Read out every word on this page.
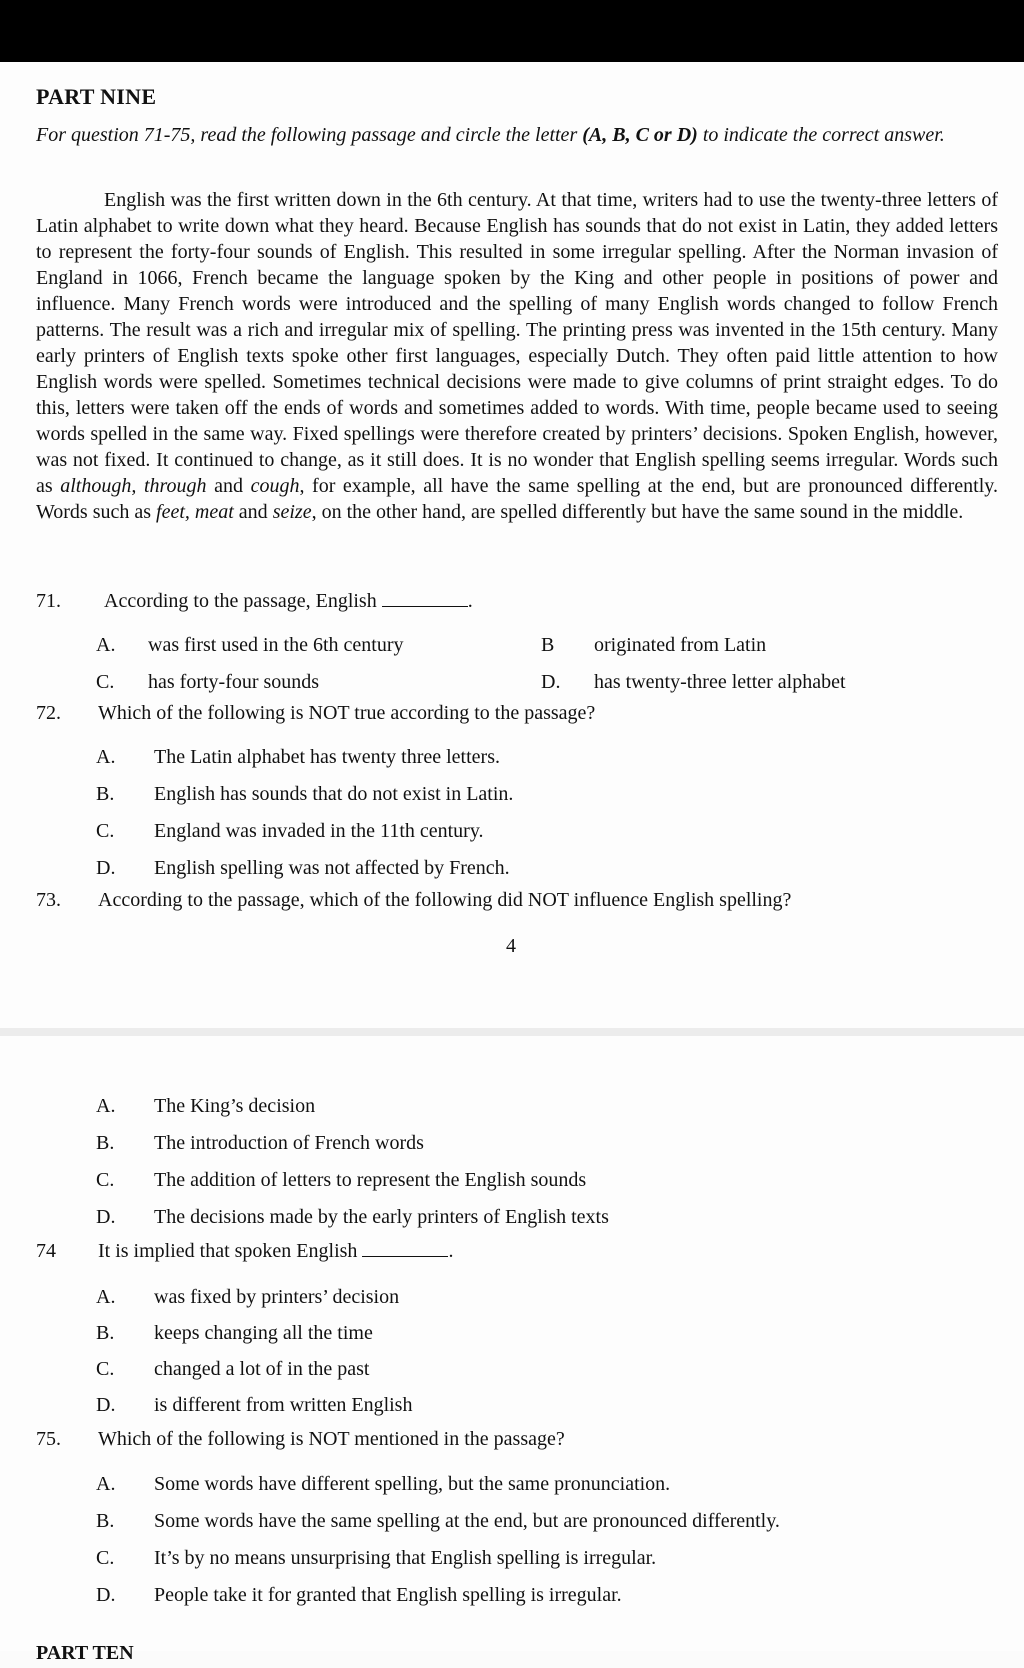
PART NINE
For question 71-75, read the following passage and circle the letter (A, B, C or D) to indicate the correct answer.
English was the first written down in the 6th century. At that time, writers had to use the twenty-three letters of Latin alphabet to write down what they heard. Because English has sounds that do not exist in Latin, they added letters to represent the forty-four sounds of English. This resulted in some irregular spelling. After the Norman invasion of England in 1066, French became the language spoken by the King and other people in positions of power and influence. Many French words were introduced and the spelling of many English words changed to follow French patterns. The result was a rich and irregular mix of spelling. The printing press was invented in the 15th century. Many early printers of English texts spoke other first languages, especially Dutch. They often paid little attention to how English words were spelled. Sometimes technical decisions were made to give columns of print straight edges. To do this, letters were taken off the ends of words and sometimes added to words. With time, people became used to seeing words spelled in the same way. Fixed spellings were therefore created by printers’ decisions. Spoken English, however, was not fixed. It continued to change, as it still does. It is no wonder that English spelling seems irregular. Words such as although, through and cough, for example, all have the same spelling at the end, but are pronounced differently. Words such as feet, meat and seize, on the other hand, are spelled differently but have the same sound in the middle.
71. According to the passage, English	.
A. was first used in the 6th century	B originated from Latin
C. has forty-four sounds	D. has twenty-three letter alphabet
72. Which of the following is NOT true according to the passage?
A. The Latin alphabet has twenty three letters.
B. English has sounds that do not exist in Latin.
C. England was invaded in the 11th century.
D. English spelling was not affected by French.
73. According to the passage, which of the following did NOT influence English spelling?
4
A. The King’s decision
B. The introduction of French words
C. The addition of letters to represent the English sounds
D. The decisions made by the early printers of English texts
74 It is implied that spoken English	.
A. was fixed by printers’ decision
B. keeps changing all the time
C. changed a lot of in the past
D. is different from written English
75. Which of the following is NOT mentioned in the passage?
A. Some words have different spelling, but the same pronunciation.
B. Some words have the same spelling at the end, but are pronounced differently.
C. It’s by no means unsurprising that English spelling is irregular.
D. People take it for granted that English spelling is irregular.
PART TEN
